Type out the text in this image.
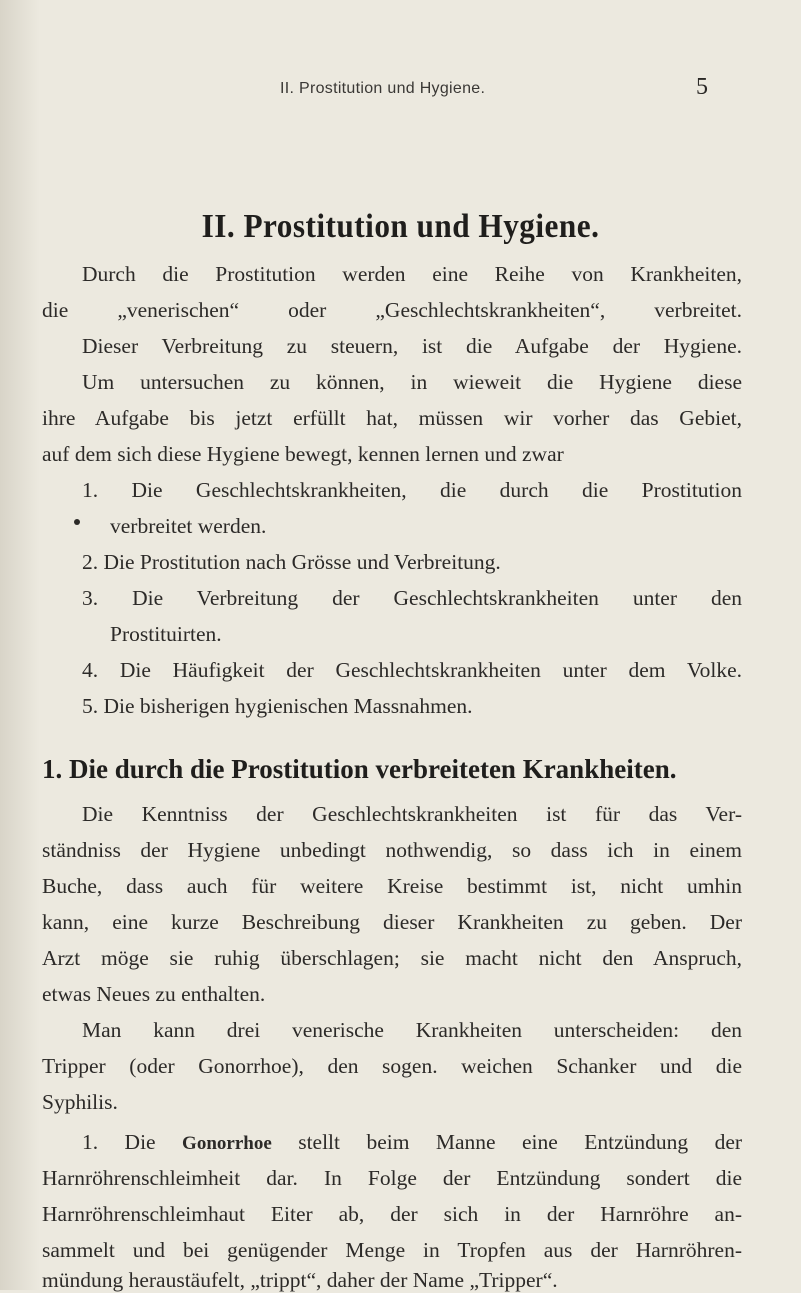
II. Prostitution und Hygiene.	5
II. Prostitution und Hygiene.
Durch die Prostitution werden eine Reihe von Krankheiten,
die „venerischen“ oder „Geschlechtskrankheiten“, verbreitet.
Dieser Verbreitung zu steuern, ist die Aufgabe der Hygiene.
Um untersuchen zu können, in wieweit die Hygiene diese
ihre Aufgabe bis jetzt erfüllt hat, müssen wir vorher das Gebiet,
auf dem sich diese Hygiene bewegt, kennen lernen und zwar
1. Die Geschlechtskrankheiten, die durch die Prostitution
verbreitet werden.
2. Die Prostitution nach Grösse und Verbreitung.
3. Die Verbreitung der Geschlechtskrankheiten unter den
Prostituirten.
4. Die Häufigkeit der Geschlechtskrankheiten unter dem Volke.
5. Die bisherigen hygienischen Massnahmen.
1. Die durch die Prostitution verbreiteten Krankheiten.
Die Kenntniss der Geschlechtskrankheiten ist für das Ver-
ständniss der Hygiene unbedingt nothwendig, so dass ich in einem
Buche, dass auch für weitere Kreise bestimmt ist, nicht umhin
kann, eine kurze Beschreibung dieser Krankheiten zu geben. Der
Arzt möge sie ruhig überschlagen; sie macht nicht den Anspruch,
etwas Neues zu enthalten.
Man kann drei venerische Krankheiten unterscheiden: den
Tripper (oder Gonorrhoe), den sogen. weichen Schanker und die
Syphilis.
1. Die Gonorrhoe stellt beim Manne eine Entzündung der
Harnröhrenschleimheit dar. In Folge der Entzündung sondert die
Harnröhrenschleimhaut Eiter ab, der sich in der Harnröhre an-
sammelt und bei genügender Menge in Tropfen aus der Harnröhren-
mündung heraustäufelt, „trippt“, daher der Name „Tripper“.
